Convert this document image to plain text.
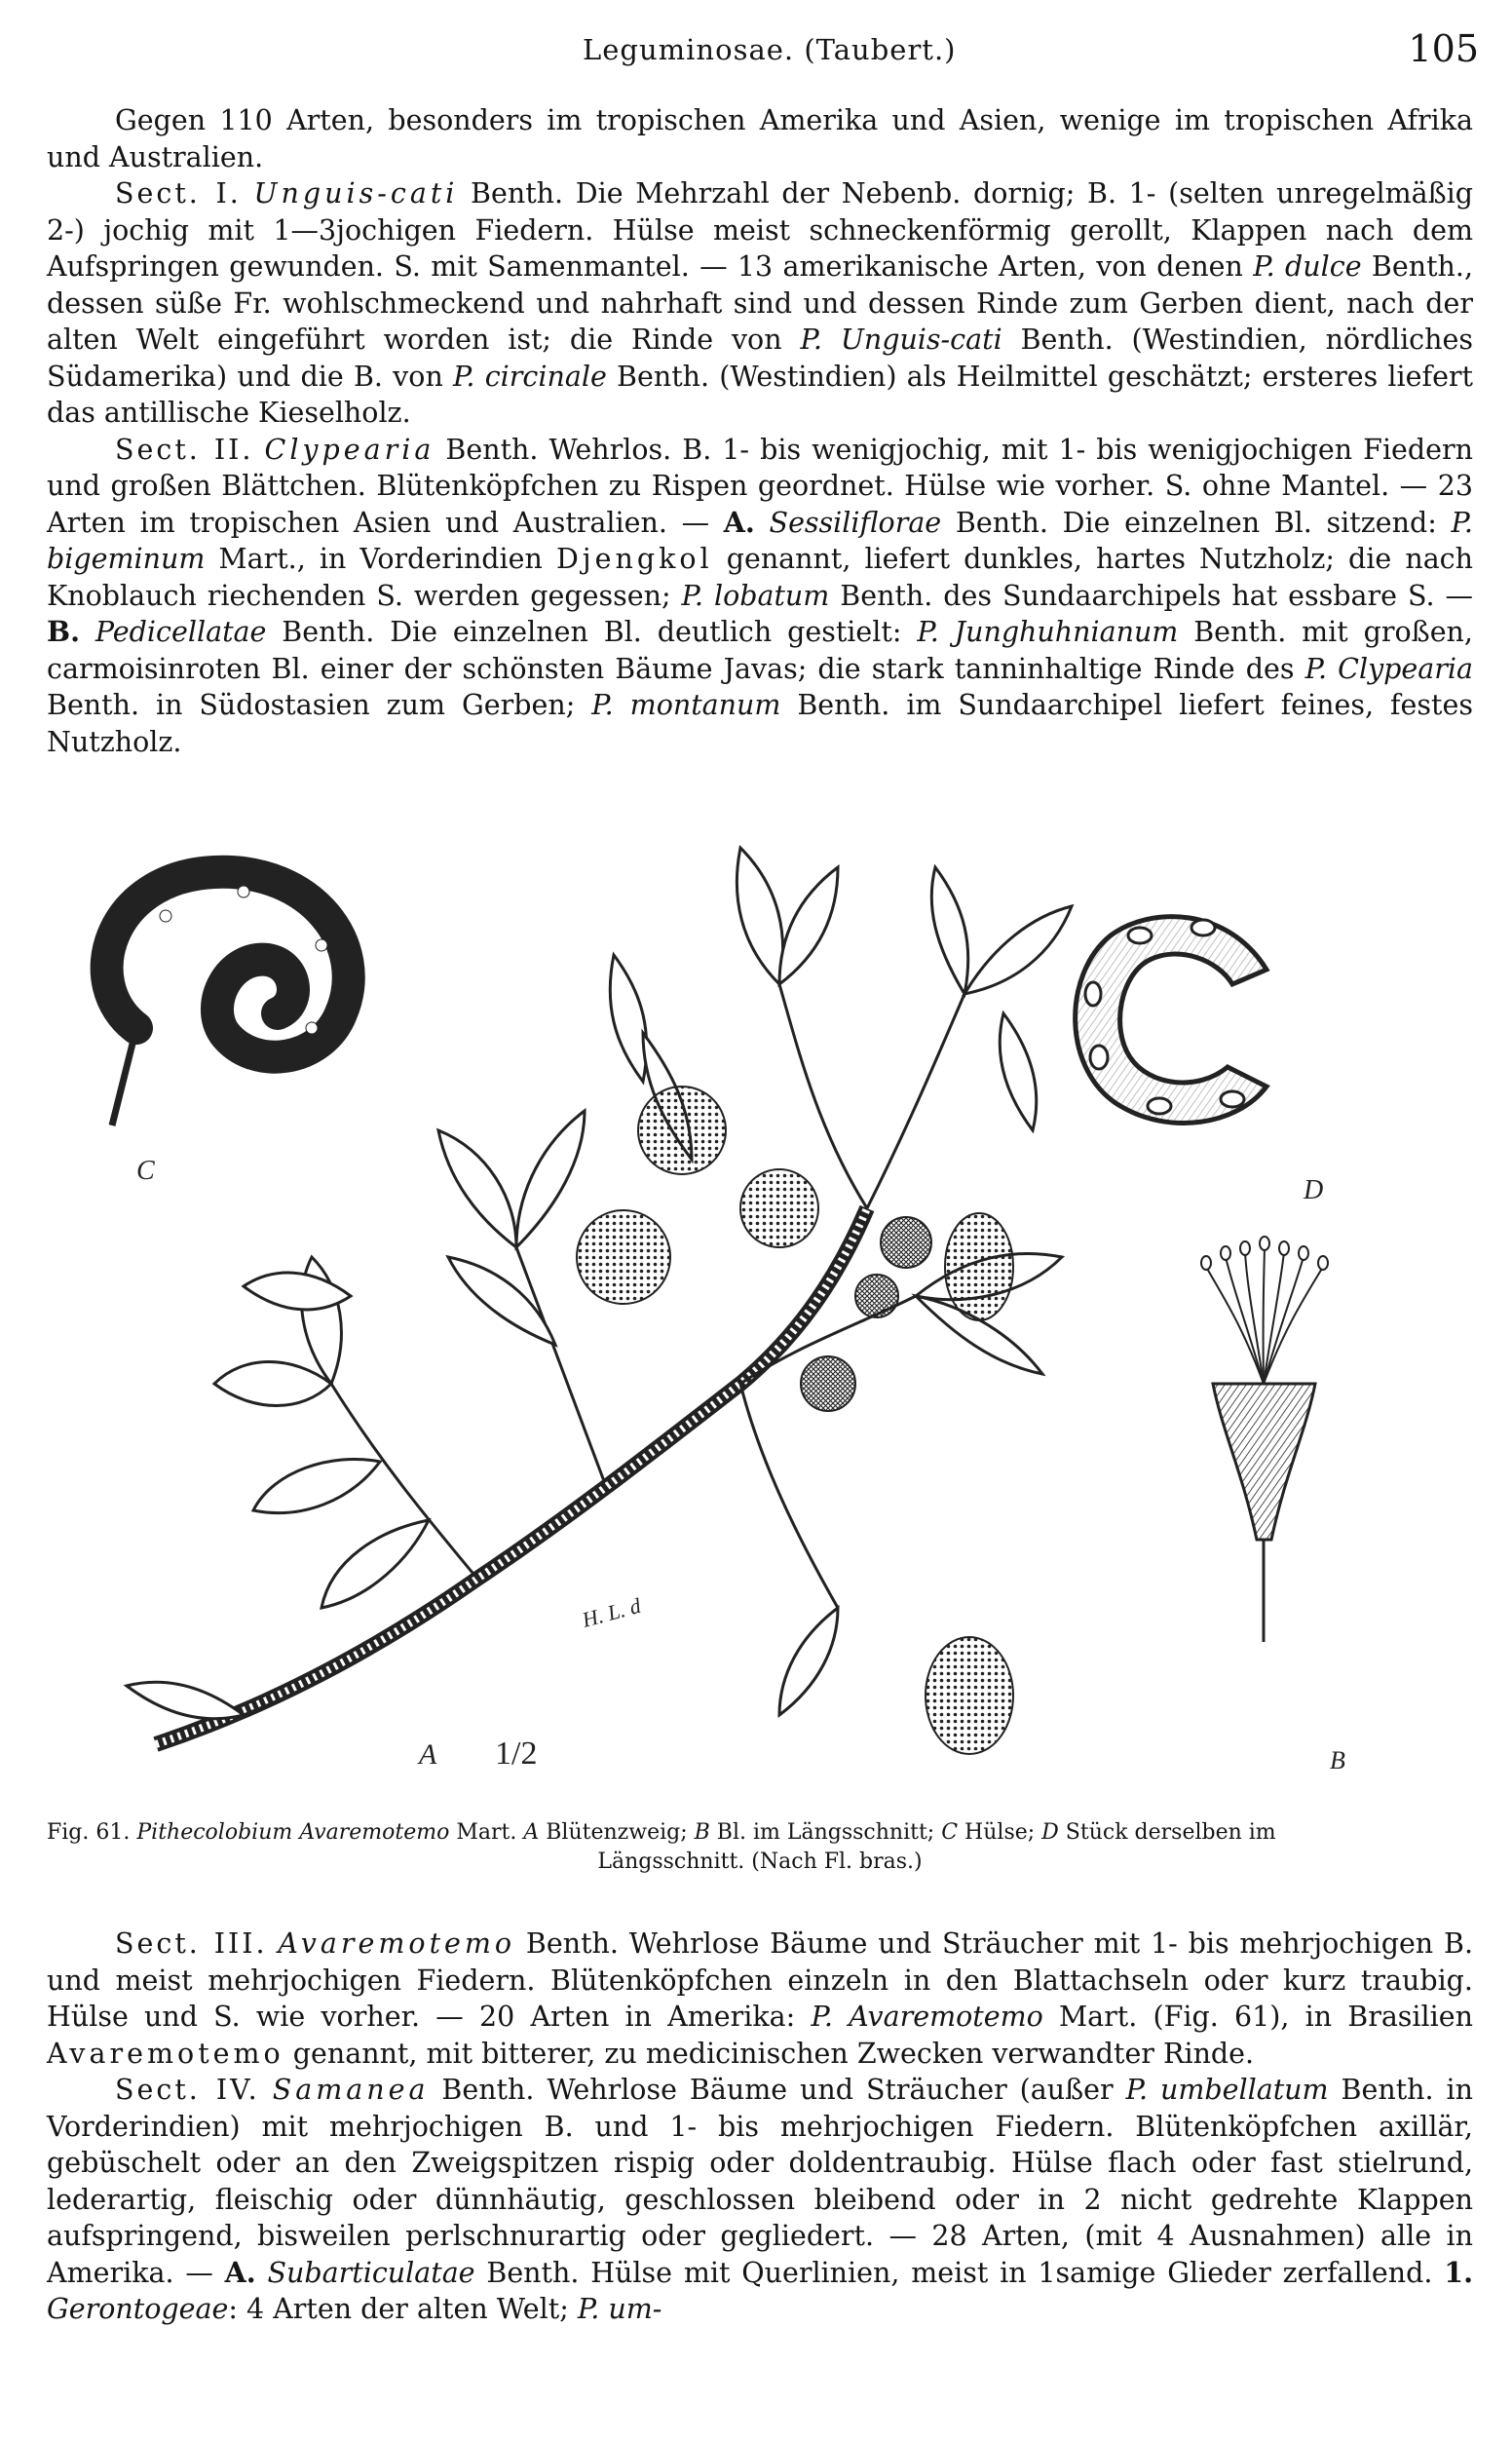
Leguminosae. (Taubert.)	105

Gegen 110 Arten, besonders im tropischen Amerika und Asien, wenige im tropischen Afrika und Australien.

Sect. I. Unguis-cati Benth. Die Mehrzahl der Nebenb. dornig; B. 1- (selten unregelmäßig 2-) jochig mit 1—3jochigen Fiedern. Hülse meist schneckenförmig gerollt, Klappen nach dem Aufspringen gewunden. S. mit Samenmantel. — 13 amerikanische Arten, von denen P. dulce Benth., dessen süße Fr. wohlschmeckend und nahrhaft sind und dessen Rinde zum Gerben dient, nach der alten Welt eingeführt worden ist; die Rinde von P. Unguis-cati Benth. (Westindien, nördliches Südamerika) und die B. von P. circinale Benth. (Westindien) als Heilmittel geschätzt; ersteres liefert das antillische Kieselholz.

Sect. II. Clypearia Benth. Wehrlos. B. 1- bis wenigjochig, mit 1- bis wenigjochigen Fiedern und großen Blättchen. Blütenköpfchen zu Rispen geordnet. Hülse wie vorher. S. ohne Mantel. — 23 Arten im tropischen Asien und Australien. — A. Sessiliflorae Benth. Die einzelnen Bl. sitzend: P. bigeminum Mart., in Vorderindien Djengkol genannt, liefert dunkles, hartes Nutzholz; die nach Knoblauch riechenden S. werden gegessen; P. lobatum Benth. des Sundaarchipels hat essbare S. — B. Pedicellatae Benth. Die einzelnen Bl. deutlich gestielt: P. Junghuhnianum Benth. mit großen, carmoisinroten Bl. einer der schönsten Bäume Javas; die stark tanninhaltige Rinde des P. Clypearia Benth. in Südostasien zum Gerben; P. montanum Benth. im Sundaarchipel liefert feines, festes Nutzholz.

C
D
B
H. L. d
A 1/2
Fig. 61. Pithecolobium Avaremotemo Mart. A Blütenzweig; B Bl. im Längsschnitt; C Hülse; D Stück derselben im
Längsschnitt. (Nach Fl. bras.)

Sect. III. Avaremotemo Benth. Wehrlose Bäume und Sträucher mit 1- bis mehrjochigen B. und meist mehrjochigen Fiedern. Blütenköpfchen einzeln in den Blattachseln oder kurz traubig. Hülse und S. wie vorher. — 20 Arten in Amerika: P. Avaremotemo Mart. (Fig. 61), in Brasilien Avaremotemo genannt, mit bitterer, zu medicinischen Zwecken verwandter Rinde.

Sect. IV. Samanea Benth. Wehrlose Bäume und Sträucher (außer P. umbellatum Benth. in Vorderindien) mit mehrjochigen B. und 1- bis mehrjochigen Fiedern. Blütenköpfchen axillär, gebüschelt oder an den Zweigspitzen rispig oder doldentraubig. Hülse flach oder fast stielrund, lederartig, fleischig oder dünnhäutig, geschlossen bleibend oder in 2 nicht gedrehte Klappen aufspringend, bisweilen perlschnurartig oder gegliedert. — 28 Arten, (mit 4 Ausnahmen) alle in Amerika. — A. Subarticulatae Benth. Hülse mit Querlinien, meist in 1samige Glieder zerfallend. 1. Gerontogeae: 4 Arten der alten Welt; P. um-
